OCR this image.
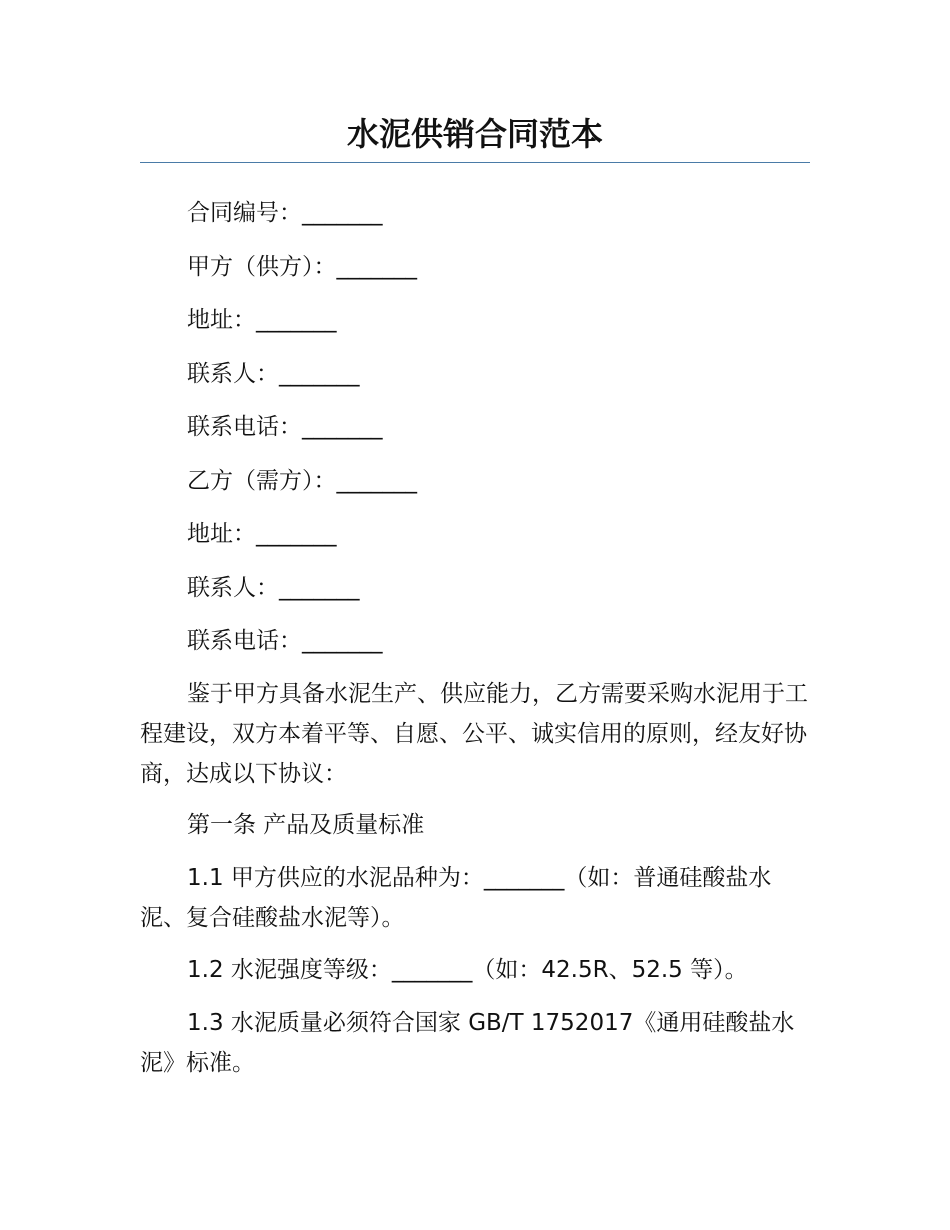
水泥供销合同范本
合同编号：_______
甲方（供方）：_______
地址：_______
联系人：_______
联系电话：_______
乙方（需方）：_______
地址：_______
联系人：_______
联系电话：_______
鉴于甲方具备水泥生产、供应能力，乙方需要采购水泥用于工程建设，双方本着平等、自愿、公平、诚实信用的原则，经友好协商，达成以下协议：
第一条 产品及质量标准
1.1 甲方供应的水泥品种为：_______（如：普通硅酸盐水泥、复合硅酸盐水泥等）。
1.2 水泥强度等级：_______（如：42.5R、52.5 等）。
1.3 水泥质量必须符合国家 GB/T 1752017《通用硅酸盐水泥》标准。
